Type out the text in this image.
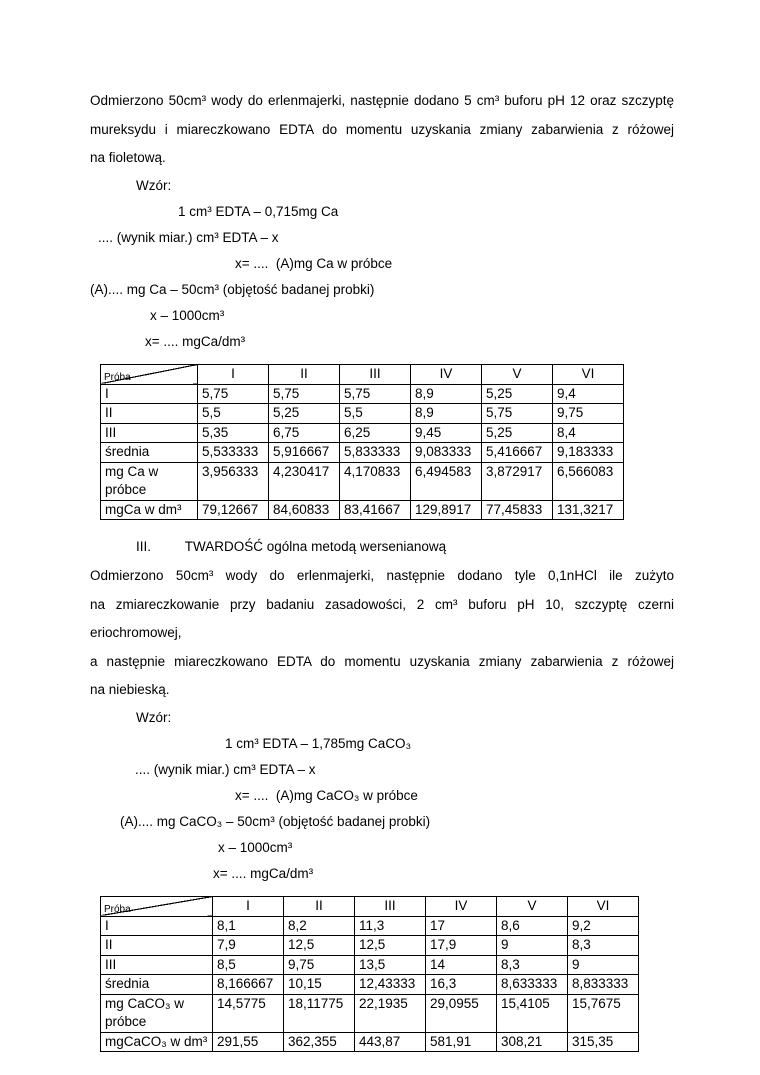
Odmierzono 50cm³ wody do erlenmajerki, następnie dodano 5 cm³ buforu pH 12 oraz szczyptę
mureksydu i miareczkowano EDTA do momentu uzyskania zmiany zabarwienia z różowej
na fioletową.
Wzór:
1 cm³ EDTA – 0,715mg Ca
.... (wynik miar.) cm³ EDTA – x
x= ....  (A)mg Ca w próbce
(A).... mg Ca – 50cm³ (objętość badanej probki)
x – 1000cm³
x= .... mgCa/dm³
Próba	I	II	III	IV	V	VI
I	5,75	5,75	5,75	8,9	5,25	9,4
II	5,5	5,25	5,5	8,9	5,75	9,75
III	5,35	6,75	6,25	9,45	5,25	8,4
średnia	5,533333	5,916667	5,833333	9,083333	5,416667	9,183333
mg Ca w próbce	3,956333	4,230417	4,170833	6,494583	3,872917	6,566083
mgCa w dm³	79,12667	84,60833	83,41667	129,8917	77,45833	131,3217
III.	TWARDOŚĆ ogólna metodą wersenianową
Odmierzono 50cm³ wody do erlenmajerki, następnie dodano tyle 0,1nHCl ile zużyto
na zmiareczkowanie przy badaniu zasadowości, 2 cm³ buforu pH 10, szczyptę czerni eriochromowej,
a następnie miareczkowano EDTA do momentu uzyskania zmiany zabarwienia z różowej
na niebieską.
Wzór:
1 cm³ EDTA – 1,785mg CaCO₃
.... (wynik miar.) cm³ EDTA – x
x= ....  (A)mg CaCO₃ w próbce
(A).... mg CaCO₃ – 50cm³ (objętość badanej probki)
x – 1000cm³
x= .... mgCa/dm³
Próba	I	II	III	IV	V	VI
I	8,1	8,2	11,3	17	8,6	9,2
II	7,9	12,5	12,5	17,9	9	8,3
III	8,5	9,75	13,5	14	8,3	9
średnia	8,166667	10,15	12,43333	16,3	8,633333	8,833333
mg CaCO₃ w próbce	14,5775	18,11775	22,1935	29,0955	15,4105	15,7675
mgCaCO₃ w dm³	291,55	362,355	443,87	581,91	308,21	315,35
